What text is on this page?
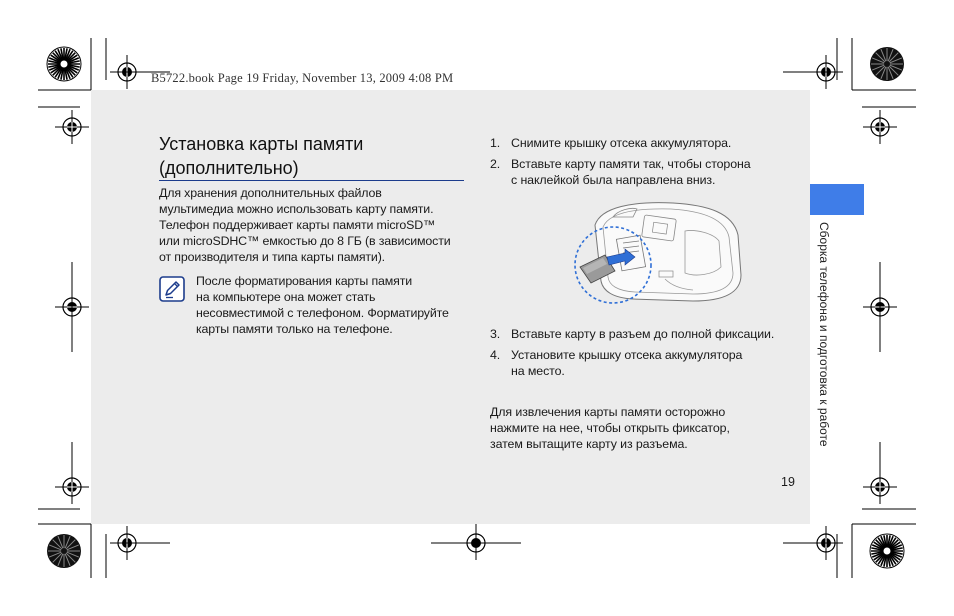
B5722.book Page 19 Friday, November 13, 2009 4:08 PM
Установка карты памяти
(дополнительно)
Для хранения дополнительных файлов
мультимедиа можно использовать карту памяти.
Телефон поддерживает карты памяти microSD™
или microSDHC™ емкостью до 8 ГБ (в зависимости
от производителя и типа карты памяти).
После форматирования карты памяти
на компьютере она может стать
несовместимой с телефоном. Форматируйте
карты памяти только на телефоне.
1. Снимите крышку отсека аккумулятора.
2. Вставьте карту памяти так, чтобы сторона
с наклейкой была направлена вниз.
3. Вставьте карту в разъем до полной фиксации.
4. Установите крышку отсека аккумулятора
на место.
Для извлечения карты памяти осторожно
нажмите на нее, чтобы открыть фиксатор,
затем вытащите карту из разъема.
19
Сборка телефона и подготовка к работе
